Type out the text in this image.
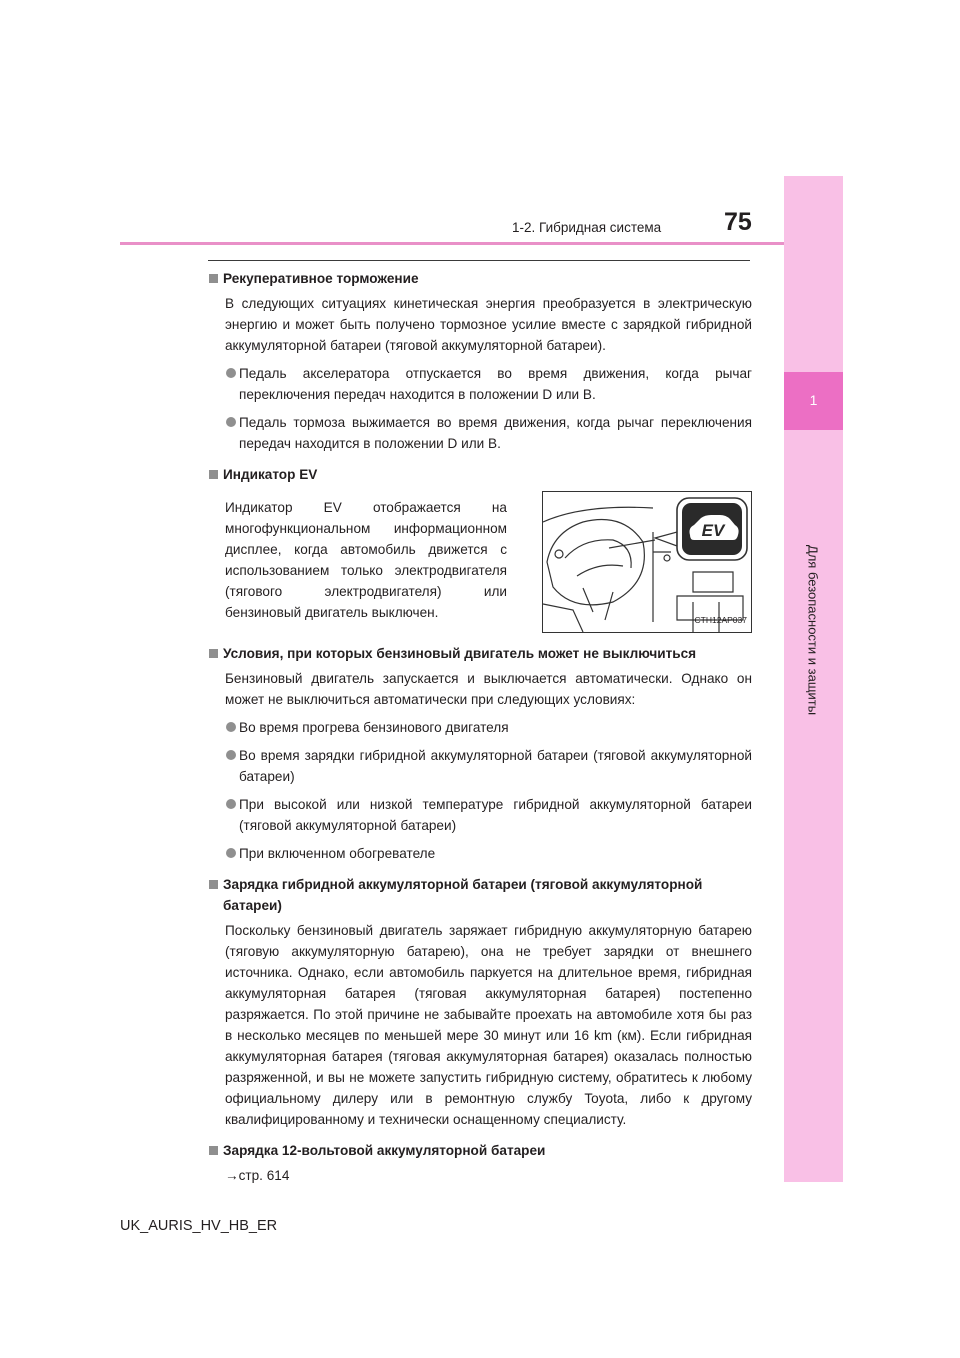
1
Для безопасности и защиты
1-2. Гибридная система	75
Рекуперативное торможение
В следующих ситуациях кинетическая энергия преобразуется в электрическую энергию и может быть получено тормозное усилие вместе с зарядкой гибридной аккумуляторной батареи (тяговой аккумуляторной батареи).
Педаль акселератора отпускается во время движения, когда рычаг переключения передач находится в положении D или B.
Педаль тормоза выжимается во время движения, когда рычаг переключения передач находится в положении D или B.
Индикатор EV
Индикатор EV отображается на многофункциональном информационном дисплее, когда автомобиль движется с использованием только электродвигателя (тягового электродвигателя) или бензиновый двигатель выключен.
EV
CTH12AP037
Условия, при которых бензиновый двигатель может не выключиться
Бензиновый двигатель запускается и выключается автоматически. Однако он может не выключиться автоматически при следующих условиях:
Во время прогрева бензинового двигателя
Во время зарядки гибридной аккумуляторной батареи (тяговой аккумуляторной батареи)
При высокой или низкой температуре гибридной аккумуляторной батареи (тяговой аккумуляторной батареи)
При включенном обогревателе
Зарядка гибридной аккумуляторной батареи (тяговой аккумуляторной батареи)
Поскольку бензиновый двигатель заряжает гибридную аккумуляторную батарею (тяговую аккумуляторную батарею), она не требует зарядки от внешнего источника. Однако, если автомобиль паркуется на длительное время, гибридная аккумуляторная батарея (тяговая аккумуляторная батарея) постепенно разряжается. По этой причине не забывайте проехать на автомобиле хотя бы раз в несколько месяцев по меньшей мере 30 минут или 16 km (км). Если гибридная аккумуляторная батарея (тяговая аккумуляторная батарея) оказалась полностью разряженной, и вы не можете запустить гибридную систему, обратитесь к любому официальному дилеру или в ремонтную службу Toyota, либо к другому квалифицированному и технически оснащенному специалисту.
Зарядка 12-вольтовой аккумуляторной батареи
→стр. 614
UK_AURIS_HV_HB_ER
